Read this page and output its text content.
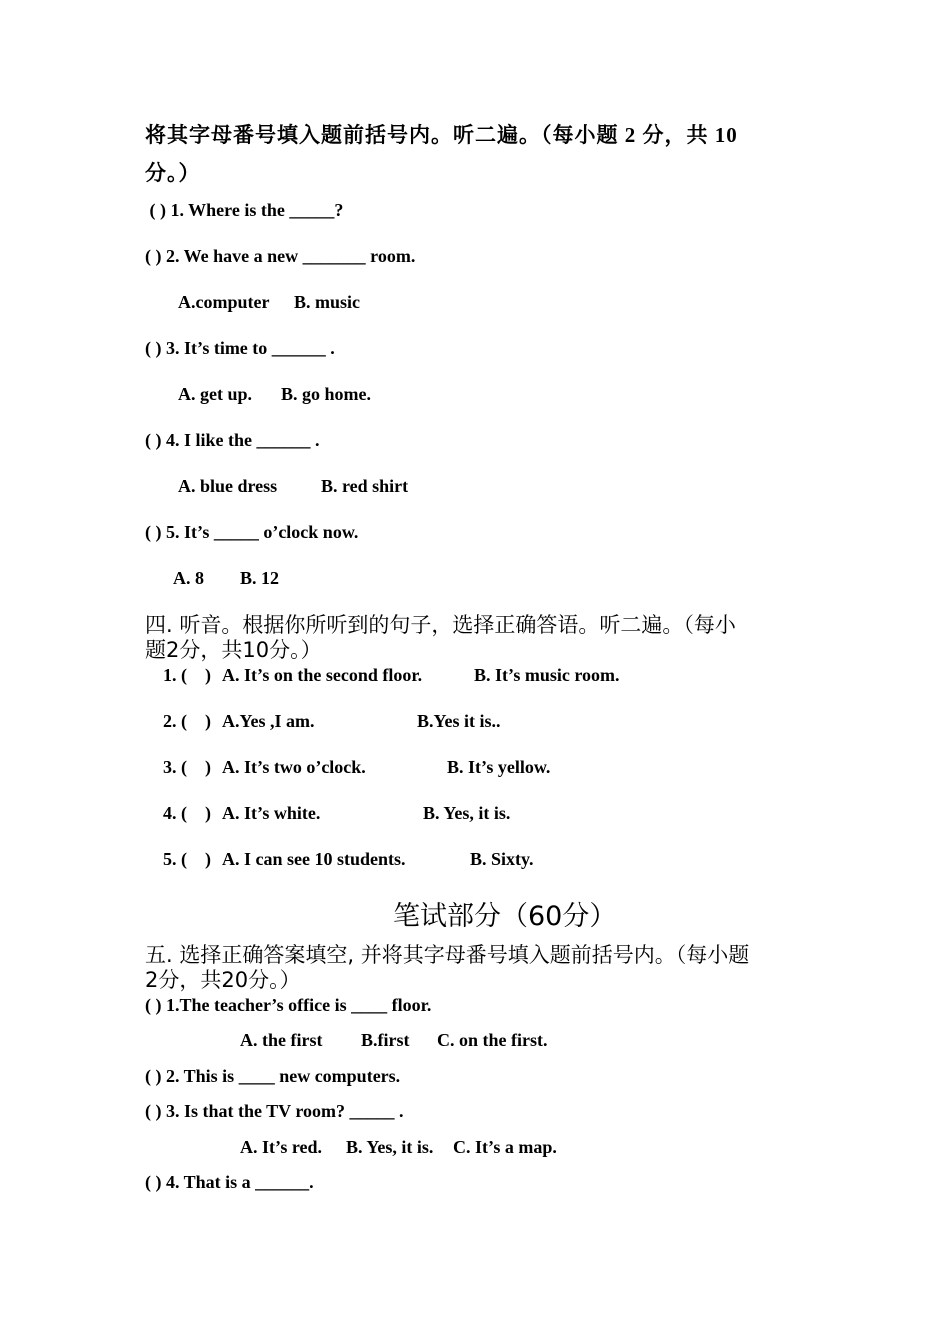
将其字母番号填入题前括号内。听二遍。（每小题 2 分，共 10
分。）
( ) 1. Where is the _____?
( ) 2. We have a new _______ room.
A.computer B. music
( ) 3. It’s time to ______ .
A. get up. B. go home.
( ) 4. I like the ______ .
A. blue dress B. red shirt
( ) 5. It’s _____ o’clock now.
A. 8 B. 12
四. 听音。根据你所听到的句子，选择正确答语。听二遍。（每小
题2分，共10分。）
1. (    ) A. It’s on the second floor.	B. It’s music room.
2. (    ) A.Yes ,I am.	B.Yes it is..
3. (    ) A. It’s two o’clock.	B. It’s yellow.
4. (    ) A. It’s white.	B. Yes, it is.
5. (    ) A. I can see 10 students.	B. Sixty.
笔试部分（60分）
五. 选择正确答案填空, 并将其字母番号填入题前括号内。（每小题
2分，共20分。）
( ) 1.The teacher’s office is ____ floor.
A. the first B.first C. on the first.
( ) 2. This is ____ new computers.
( ) 3. Is that the TV room? _____ .
A. It’s red. B. Yes, it is. C. It’s a map.
( ) 4. That is a ______.
